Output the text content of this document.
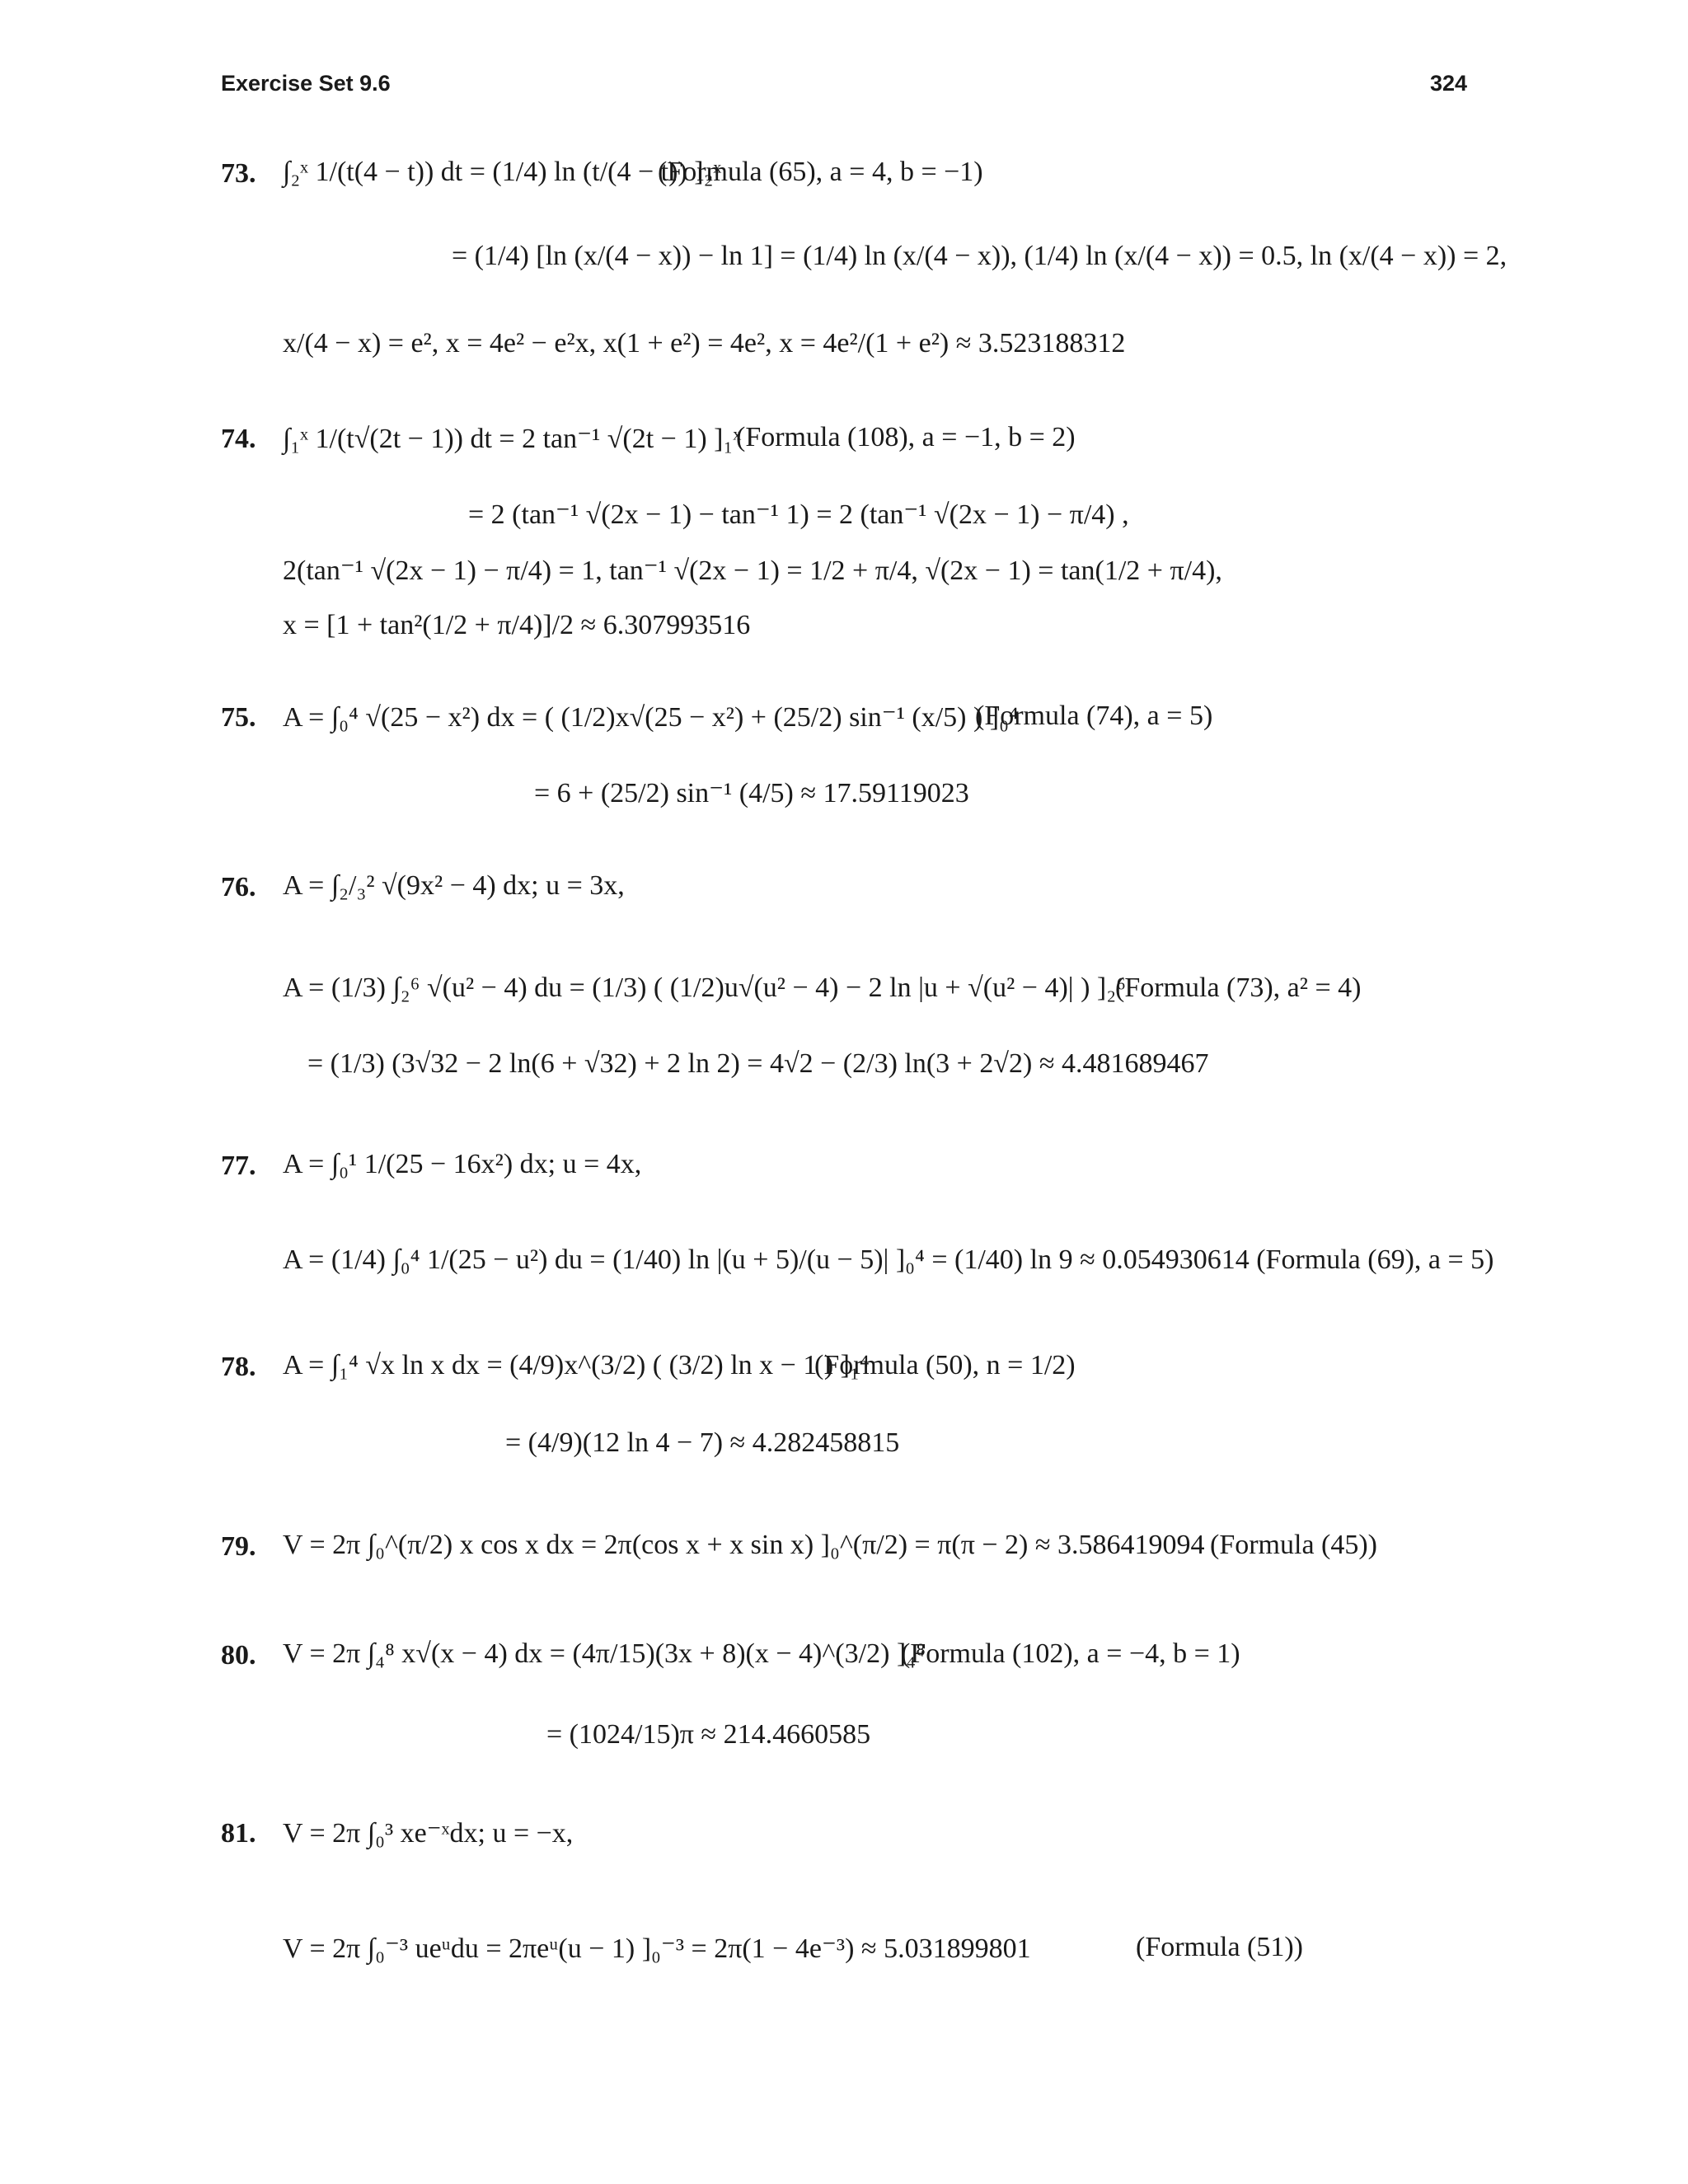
Exercise Set 9.6	324
73. ∫₂ˣ 1/(t(4 − t)) dt = (1/4) ln (t/(4 − t)) ]₂ˣ
(Formula (65), a = 4, b = −1)
= (1/4) [ln (x/(4 − x)) − ln 1] = (1/4) ln (x/(4 − x)), (1/4) ln (x/(4 − x)) = 0.5, ln (x/(4 − x)) = 2,
x/(4 − x) = e², x = 4e² − e²x, x(1 + e²) = 4e², x = 4e²/(1 + e²) ≈ 3.523188312
74. ∫₁ˣ 1/(t√(2t − 1)) dt = 2 tan⁻¹ √(2t − 1) ]₁ˣ
(Formula (108), a = −1, b = 2)
= 2 (tan⁻¹ √(2x − 1) − tan⁻¹ 1) = 2 (tan⁻¹ √(2x − 1) − π/4) ,
2(tan⁻¹ √(2x − 1) − π/4) = 1, tan⁻¹ √(2x − 1) = 1/2 + π/4, √(2x − 1) = tan(1/2 + π/4),
x = [1 + tan²(1/2 + π/4)]/2 ≈ 6.307993516
75. A = ∫₀⁴ √(25 − x²) dx = ( (1/2)x√(25 − x²) + (25/2) sin⁻¹ (x/5) ) ]₀⁴
(Formula (74), a = 5)
= 6 + (25/2) sin⁻¹ (4/5) ≈ 17.59119023
76. A = ∫₂/₃² √(9x² − 4) dx; u = 3x,
A = (1/3) ∫₂⁶ √(u² − 4) du = (1/3) ( (1/2)u√(u² − 4) − 2 ln |u + √(u² − 4)| ) ]₂⁶
(Formula (73), a² = 4)
= (1/3) (3√32 − 2 ln(6 + √32) + 2 ln 2) = 4√2 − (2/3) ln(3 + 2√2) ≈ 4.481689467
77. A = ∫₀¹ 1/(25 − 16x²) dx; u = 4x,
A = (1/4) ∫₀⁴ 1/(25 − u²) du = (1/40) ln |(u + 5)/(u − 5)| ]₀⁴ = (1/40) ln 9 ≈ 0.054930614 (Formula (69), a = 5)
78. A = ∫₁⁴ √x ln x dx = (4/9)x^(3/2) ( (3/2) ln x − 1 ) ]₁⁴
(Formula (50), n = 1/2)
= (4/9)(12 ln 4 − 7) ≈ 4.282458815
79. V = 2π ∫₀^(π/2) x cos x dx = 2π(cos x + x sin x) ]₀^(π/2) = π(π − 2) ≈ 3.586419094 (Formula (45))
80. V = 2π ∫₄⁸ x√(x − 4) dx = (4π/15)(3x + 8)(x − 4)^(3/2) ]₄⁸
(Formula (102), a = −4, b = 1)
= (1024/15)π ≈ 214.4660585
81. V = 2π ∫₀³ xe⁻ˣdx; u = −x,
V = 2π ∫₀⁻³ ueᵘdu = 2πeᵘ(u − 1) ]₀⁻³ = 2π(1 − 4e⁻³) ≈ 5.031899801	(Formula (51))
